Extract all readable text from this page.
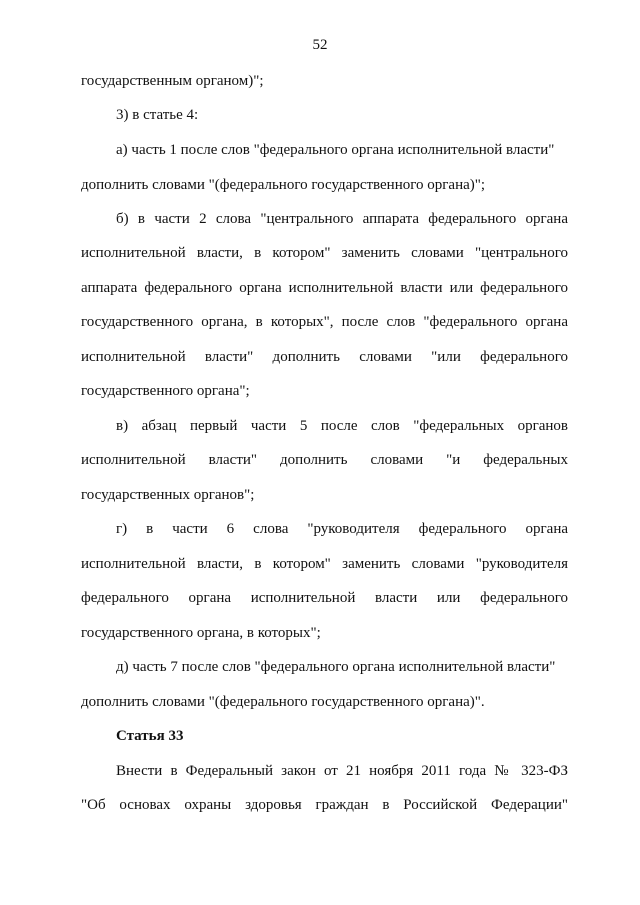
52
государственным органом)";
3) в статье 4:
а) часть 1 после слов "федерального органа исполнительной власти"
дополнить словами "(федерального государственного органа)";
б) в части 2 слова "центрального аппарата федерального органа
исполнительной власти, в котором" заменить словами "центрального
аппарата федерального органа исполнительной власти или федерального
государственного органа, в которых", после слов "федерального органа
исполнительной власти" дополнить словами "или федерального
государственного органа";
в) абзац первый части 5 после слов "федеральных органов
исполнительной власти" дополнить словами "и федеральных
государственных органов";
г) в части 6 слова "руководителя федерального органа
исполнительной власти, в котором" заменить словами "руководителя
федерального органа исполнительной власти или федерального
государственного органа, в которых";
д) часть 7 после слов "федерального органа исполнительной власти"
дополнить словами "(федерального государственного органа)".
Статья 33
Внести в Федеральный закон от 21 ноября 2011 года № 323-ФЗ
"Об основах охраны здоровья граждан в Российской Федерации"
